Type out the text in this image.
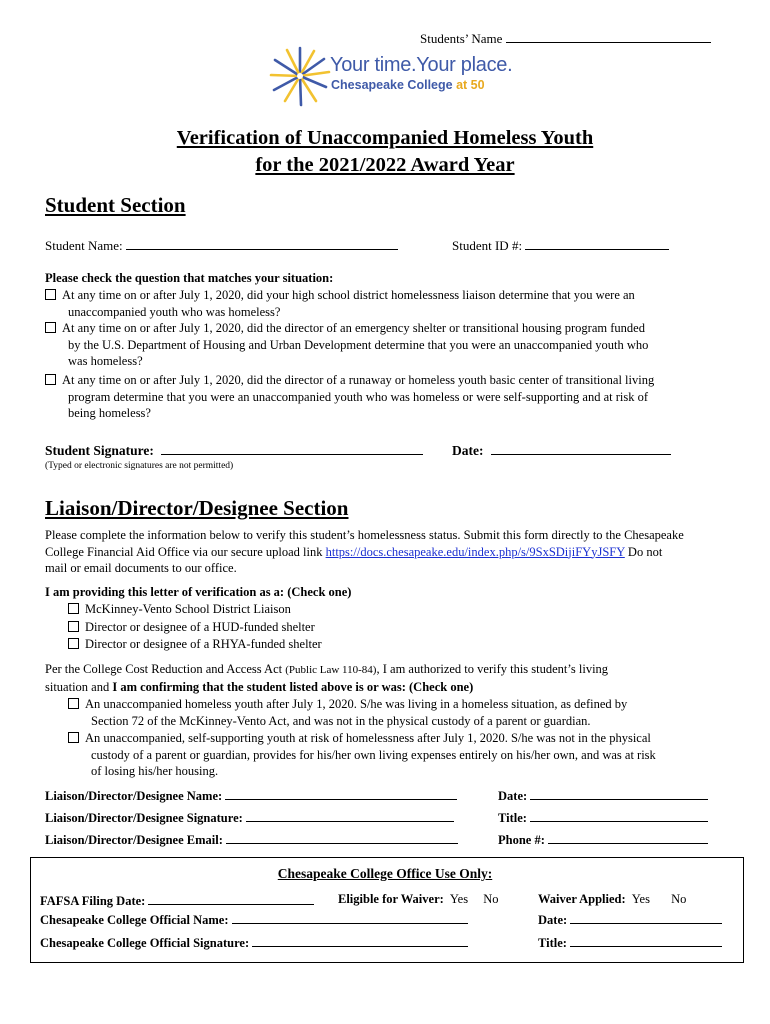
Students’ Name
Your time.Your place.
Chesapeake College at 50
Verification of Unaccompanied Homeless Youth
for the 2021/2022 Award Year
Student Section
Student Name:	Student ID #:
Please check the question that matches your situation:
At any time on or after July 1, 2020, did your high school district homelessness liaison determine that you were an
unaccompanied youth who was homeless?
At any time on or after July 1, 2020, did the director of an emergency shelter or transitional housing program funded
by the U.S. Department of Housing and Urban Development determine that you were an unaccompanied youth who
was homeless?
At any time on or after July 1, 2020, did the director of a runaway or homeless youth basic center of transitional living
program determine that you were an unaccompanied youth who was homeless or were self-supporting and at risk of
being homeless?
Student Signature:	Date:
(Typed or electronic signatures are not permitted)
Liaison/Director/Designee Section
Please complete the information below to verify this student’s homelessness status. Submit this form directly to the Chesapeake
College Financial Aid Office via our secure upload link https://docs.chesapeake.edu/index.php/s/9SxSDijiFYyJSFY Do not
mail or email documents to our office.
I am providing this letter of verification as a: (Check one)
McKinney-Vento School District Liaison
Director or designee of a HUD-funded shelter
Director or designee of a RHYA-funded shelter
Per the College Cost Reduction and Access Act (Public Law 110-84), I am authorized to verify this student’s living
situation and I am confirming that the student listed above is or was: (Check one)
An unaccompanied homeless youth after July 1, 2020. S/he was living in a homeless situation, as defined by
Section 72 of the McKinney-Vento Act, and was not in the physical custody of a parent or guardian.
An unaccompanied, self-supporting youth at risk of homelessness after July 1, 2020. S/he was not in the physical
custody of a parent or guardian, provides for his/her own living expenses entirely on his/her own, and was at risk
of losing his/her housing.
Liaison/Director/Designee Name:	Date:
Liaison/Director/Designee Signature:	Title:
Liaison/Director/Designee Email:	Phone #:
Chesapeake College Office Use Only:
FAFSA Filing Date:	Eligible for Waiver: Yes No	Waiver Applied: Yes No
Chesapeake College Official Name:	Date:
Chesapeake College Official Signature:	Title:
